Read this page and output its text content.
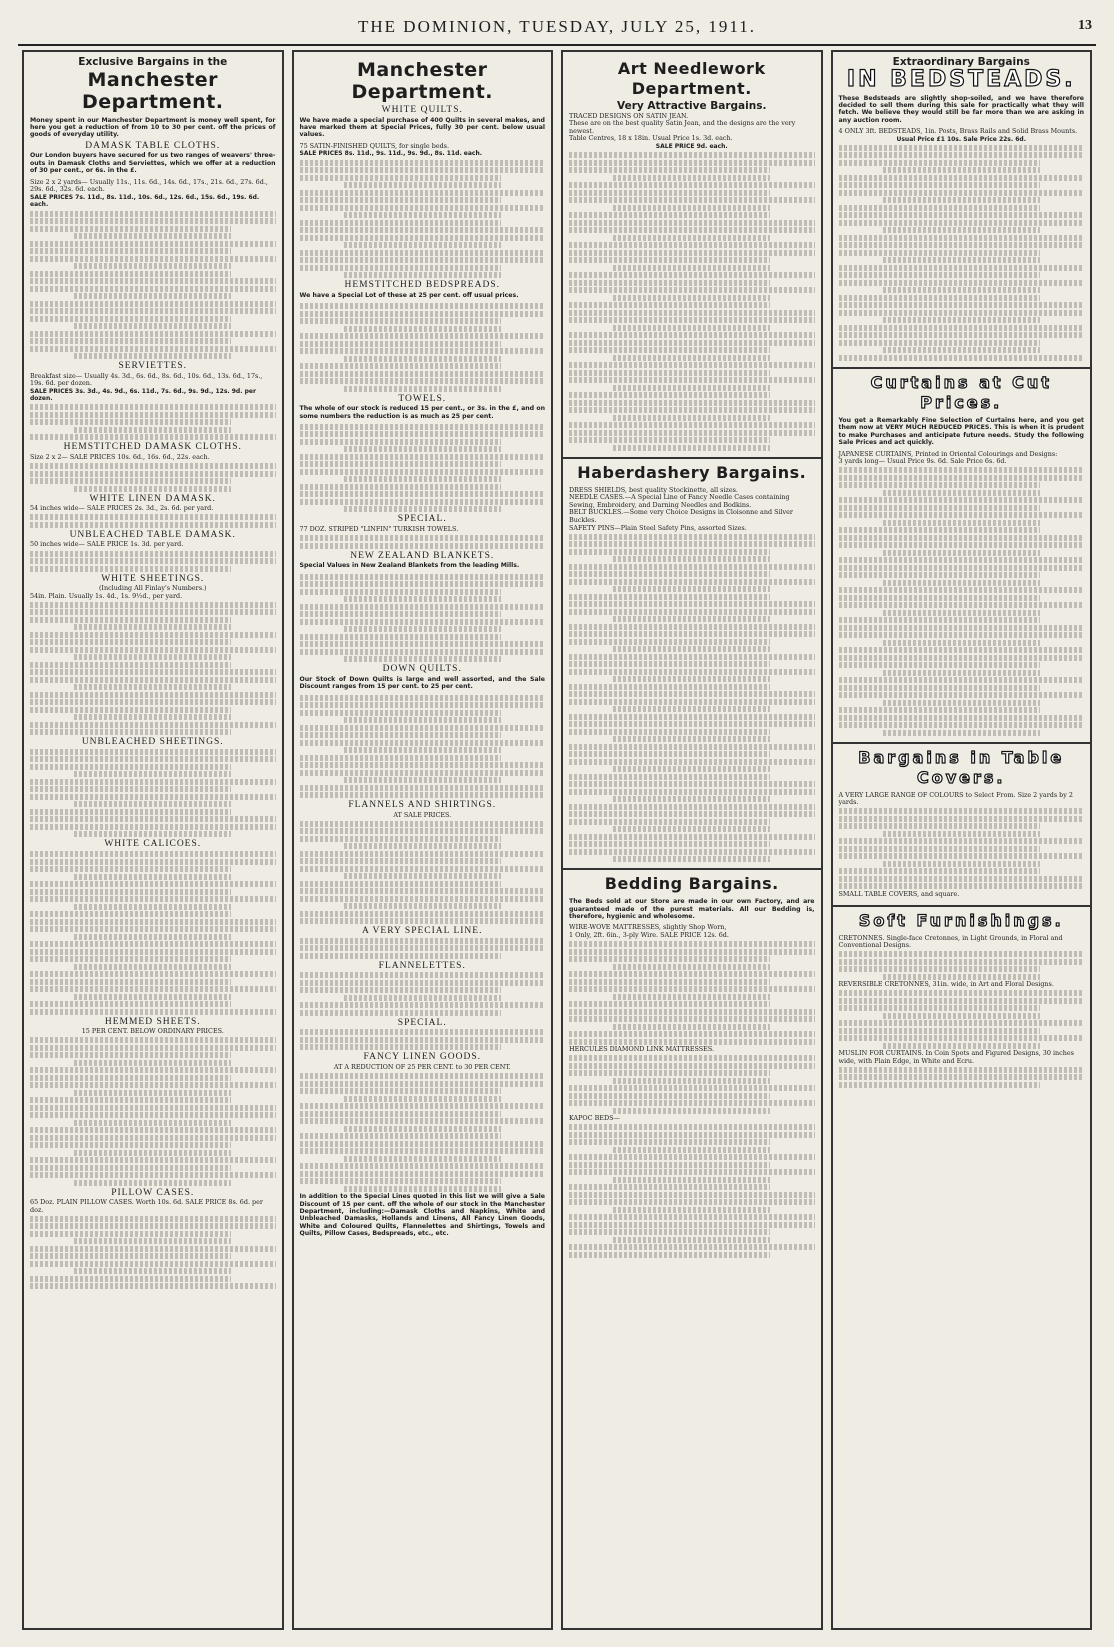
THE DOMINION, TUESDAY, JULY 25, 1911.	13
Exclusive Bargains in the
Manchester Department.

Money spent in our Manchester Department is money well spent, for here you get a reduction of from 10 to 30 per cent. off the prices of goods of everyday utility.

DAMASK TABLE CLOTHS.

Our London buyers have secured for us two ranges of weavers' three-outs in Damask Cloths and Serviettes, which we offer at a reduction of 30 per cent., or 6s. in the £.

Size 2 x 2 yards— Usually 11s., 11s. 6d., 14s. 6d., 17s., 21s. 6d., 27s. 6d., 29s. 6d., 32s. 6d. each.

SALE PRICES 7s. 11d., 8s. 11d., 10s. 6d., 12s. 6d., 15s. 6d., 19s. 6d. each.

SERVIETTES.

Breakfast size— Usually 4s. 3d., 6s. 6d., 8s. 6d., 10s. 6d., 13s. 6d., 17s., 19s. 6d. per dozen.

SALE PRICES 3s. 3d., 4s. 9d., 6s. 11d., 7s. 6d., 9s. 9d., 12s. 9d. per dozen.

HEMSTITCHED DAMASK CLOTHS.

Size 2 x 2— SALE PRICES 10s. 6d., 16s. 6d., 22s. each.

WHITE LINEN DAMASK.

54 inches wide— SALE PRICES 2s. 3d., 2s. 6d. per yard.

UNBLEACHED TABLE DAMASK.

50 inches wide— SALE PRICE 1s. 3d. per yard.

WHITE SHEETINGS.

(Including All Finlay's Numbers.)

54in. Plain. Usually 1s. 4d., 1s. 9½d., per yard.

UNBLEACHED SHEETINGS.
WHITE CALICOES.
HEMMED SHEETS.

15 PER CENT. BELOW ORDINARY PRICES.

PILLOW CASES.

65 Doz. PLAIN PILLOW CASES. Worth 10s. 6d. SALE PRICE 8s. 6d. per doz.

Manchester Department.
WHITE QUILTS.

We have made a special purchase of 400 Quilts in several makes, and have marked them at Special Prices, fully 30 per cent. below usual values.

75 SATIN-FINISHED QUILTS, for single beds.

SALE PRICES 8s. 11d., 9s. 11d., 9s. 9d., 8s. 11d. each.

HEMSTITCHED BEDSPREADS.

We have a Special Lot of these at 25 per cent. off usual prices.

TOWELS.

The whole of our stock is reduced 15 per cent., or 3s. in the £, and on some numbers the reduction is as much as 25 per cent.

SPECIAL.

77 DOZ. STRIPED "LINFIN" TURKISH TOWELS.

NEW ZEALAND BLANKETS.

Special Values in New Zealand Blankets from the leading Mills.

DOWN QUILTS.

Our Stock of Down Quilts is large and well assorted, and the Sale Discount ranges from 15 per cent. to 25 per cent.

FLANNELS AND SHIRTINGS.

AT SALE PRICES.

A VERY SPECIAL LINE.
FLANNELETTES.
SPECIAL.
FANCY LINEN GOODS.

AT A REDUCTION OF 25 PER CENT. to 30 PER CENT.

In addition to the Special Lines quoted in this list we will give a Sale Discount of 15 per cent. off the whole of our stock in the Manchester Department, including:—Damask Cloths and Napkins, White and Unbleached Damasks, Hollands and Linens, All Fancy Linen Goods, White and Coloured Quilts, Flannelettes and Shirtings, Towels and Quilts, Pillow Cases, Bedspreads, etc., etc.

Art Needlework Department.
Very Attractive Bargains.

TRACED DESIGNS ON SATIN JEAN.

These are on the best quality Satin Jean, and the designs are the very newest.

Table Centres, 18 x 18in. Usual Price 1s. 3d. each.

SALE PRICE 9d. each.

Haberdashery Bargains.

DRESS SHIELDS, best quality Stockinette, all sizes.

NEEDLE CASES.—A Special Line of Fancy Needle Cases containing Sewing, Embroidery, and Darning Needles and Bodkins.

BELT BUCKLES.—Some very Choice Designs in Cloisonne and Silver Buckles.

SAFETY PINS—Plain Steel Safety Pins, assorted Sizes.

Bedding Bargains.

The Beds sold at our Store are made in our own Factory, and are guaranteed made of the purest materials. All our Bedding is, therefore, hygienic and wholesome.

WIRE-WOVE MATTRESSES, slightly Shop Worn,

1 Only, 2ft. 6in., 3-ply Wire. SALE PRICE 12s. 6d.

HERCULES DIAMOND LINK MATTRESSES.

KAPOC BEDS—

Extraordinary Bargains
IN BEDSTEADS.

These Bedsteads are slightly shop-soiled, and we have therefore decided to sell them during this sale for practically what they will fetch. We believe they would still be far more than we are asking in any auction room.

4 ONLY 3ft. BEDSTEADS, 1in. Posts, Brass Rails and Solid Brass Mounts.

Usual Price £1 10s. Sale Price 22s. 6d.

Curtains at Cut Prices.

You get a Remarkably Fine Selection of Curtains here, and you get them now at VERY MUCH REDUCED PRICES. This is when it is prudent to make Purchases and anticipate future needs. Study the following Sale Prices and act quickly.

JAPANESE CURTAINS, Printed in Oriental Colourings and Designs:

3 yards long— Usual Price 9s. 6d. Sale Price 6s. 6d.

Bargains in Table Covers.

A VERY LARGE RANGE OF COLOURS to Select From. Size 2 yards by 2 yards.

SMALL TABLE COVERS, and square.

Soft Furnishings.

CRETONNES. Single-face Cretonnes, in Light Grounds, in Floral and Conventional Designs.

REVERSIBLE CRETONNES, 31in. wide, in Art and Floral Designs.

MUSLIN FOR CURTAINS. In Coin Spots and Figured Designs, 30 inches wide, with Plain Edge, in White and Ecru.
